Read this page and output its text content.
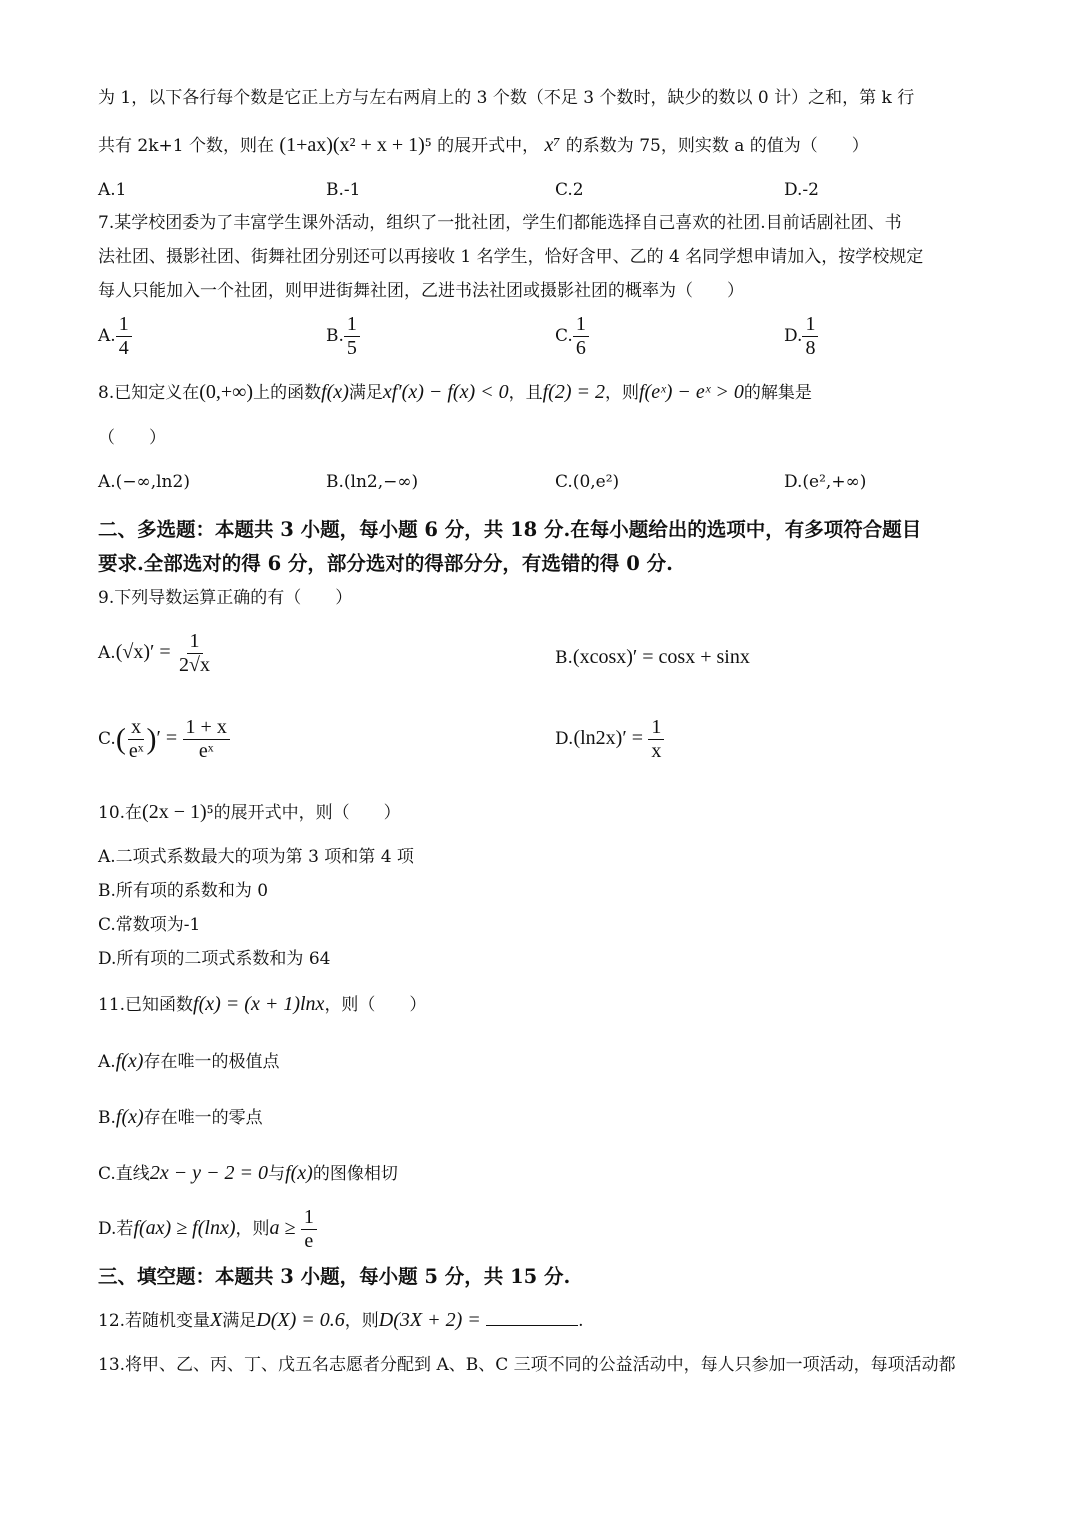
为 1，以下各行每个数是它正上方与左右两肩上的 3 个数（不足 3 个数时，缺少的数以 0 计）之和，第 k 行
共有 2k+1 个数，则在 (1+ax)(x² + x + 1)⁵ 的展开式中， x⁷ 的系数为 75，则实数 a 的值为（　　）
A.1	B.-1	C.2	D.-2
7.某学校团委为了丰富学生课外活动，组织了一批社团，学生们都能选择自己喜欢的社团.目前话剧社团、书
法社团、摄影社团、街舞社团分别还可以再接收 1 名学生，恰好含甲、乙的 4 名同学想申请加入，按学校规定
每人只能加入一个社团，则甲进街舞社团，乙进书法社团或摄影社团的概率为（　　）
A. $\frac{1}{4}$	B. $\frac{1}{5}$	C. $\frac{1}{6}$	D. $\frac{1}{8}$
8.已知定义在(0,+∞)上的函数f(x)满足xf′(x) − f(x) < 0，且f(2) = 2，则f(eˣ) − eˣ > 0的解集是
（　　）
A.(−∞,ln2)	B.(ln2,−∞)	C.(0,e²)	D.(e²,+∞)
二、多选题：本题共 3 小题，每小题 6 分，共 18 分.在每小题给出的选项中，有多项符合题目
要求.全部选对的得 6 分，部分选对的得部分分，有选错的得 0 分.
9.下列导数运算正确的有（　　）
$A.(√x)' = \frac{1}{2√x}$	B.(xcosx)′ = cosx + sinx
$C.( \frac{x}{\text{eˣ}}$ )′ = $\frac{1 + x}{\text{eˣ}}$	$D.(\ln 2x)' = \frac{1}{x}$
10.在(2x − 1)⁵的展开式中，则（　　）
A.二项式系数最大的项为第 3 项和第 4 项
B.所有项的系数和为 0
C.常数项为-1
D.所有项的二项式系数和为 64
11.已知函数f(x) = (x + 1)lnx，则（　　）
A.f(x)存在唯一的极值点
B.f(x)存在唯一的零点
C.直线2x − y − 2 = 0与f(x)的图像相切
D.若f(ax) ≥ f(lnx)，则$a \ge \frac{1}{e}$
三、填空题：本题共 3 小题，每小题 5 分，共 15 分.
12.若随机变量X满足D(X) = 0.6，则D(3X + 2) =	.
13.将甲、乙、丙、丁、戊五名志愿者分配到 A、B、C 三项不同的公益活动中，每人只参加一项活动，每项活动都
